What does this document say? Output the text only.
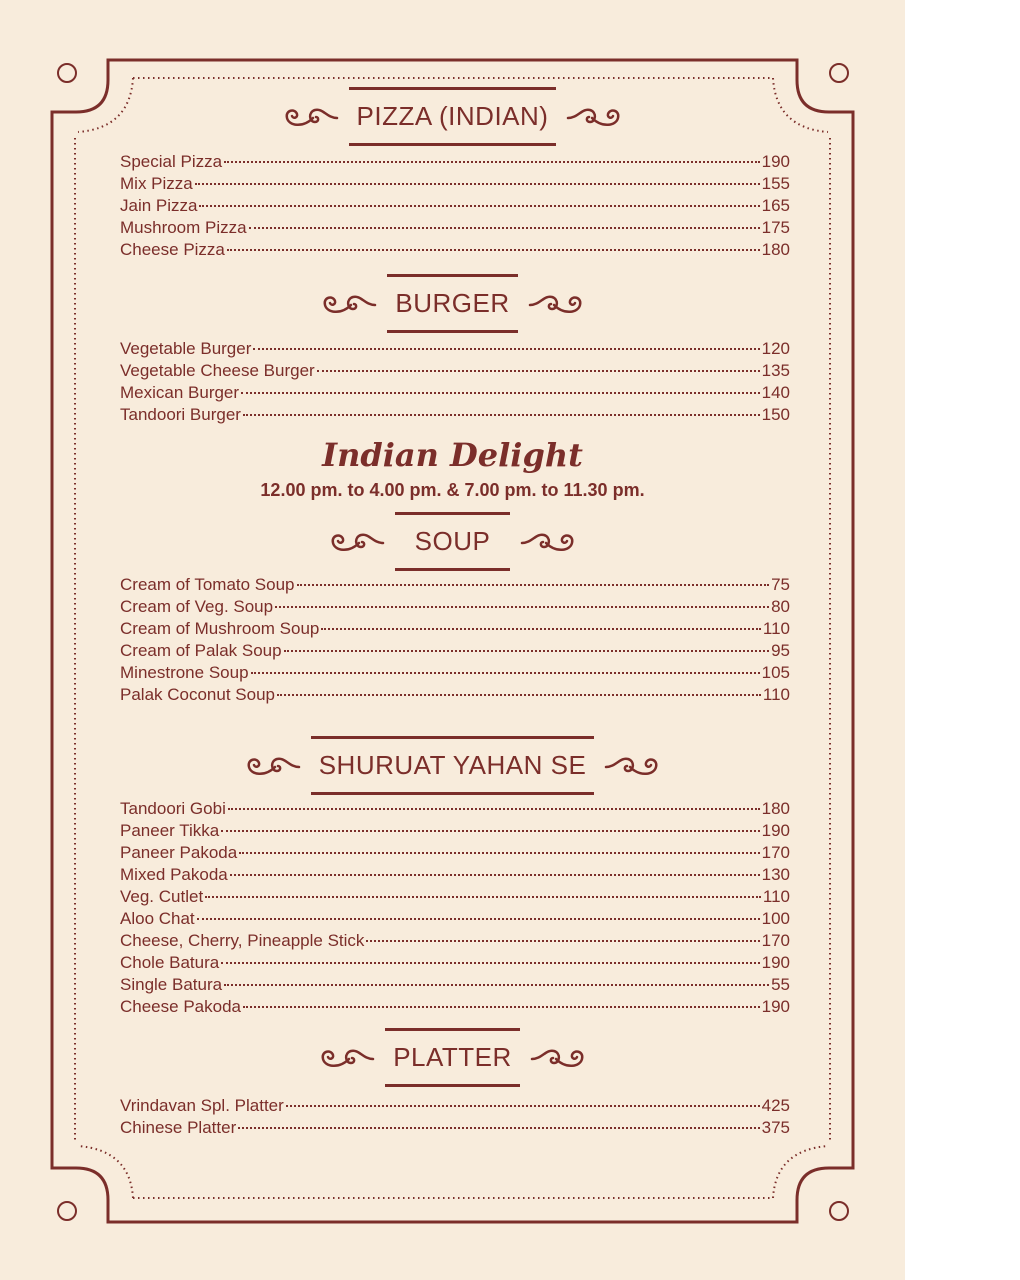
PIZZA (INDIAN)
Special Pizza	190
Mix Pizza	155
Jain Pizza	165
Mushroom Pizza	175
Cheese Pizza	180
BURGER
Vegetable Burger	120
Vegetable Cheese Burger	135
Mexican Burger	140
Tandoori Burger	150
Indian Delight
12.00 pm. to 4.00 pm. & 7.00 pm. to 11.30 pm.
SOUP
Cream of Tomato Soup	75
Cream of Veg. Soup	80
Cream of Mushroom Soup	110
Cream of Palak Soup	95
Minestrone Soup	105
Palak Coconut Soup	110
SHURUAT YAHAN SE
Tandoori Gobi	180
Paneer Tikka	190
Paneer Pakoda	170
Mixed Pakoda	130
Veg. Cutlet	110
Aloo Chat	100
Cheese, Cherry, Pineapple Stick	170
Chole Batura	190
Single Batura	55
Cheese Pakoda	190
PLATTER
Vrindavan Spl. Platter	425
Chinese Platter	375
